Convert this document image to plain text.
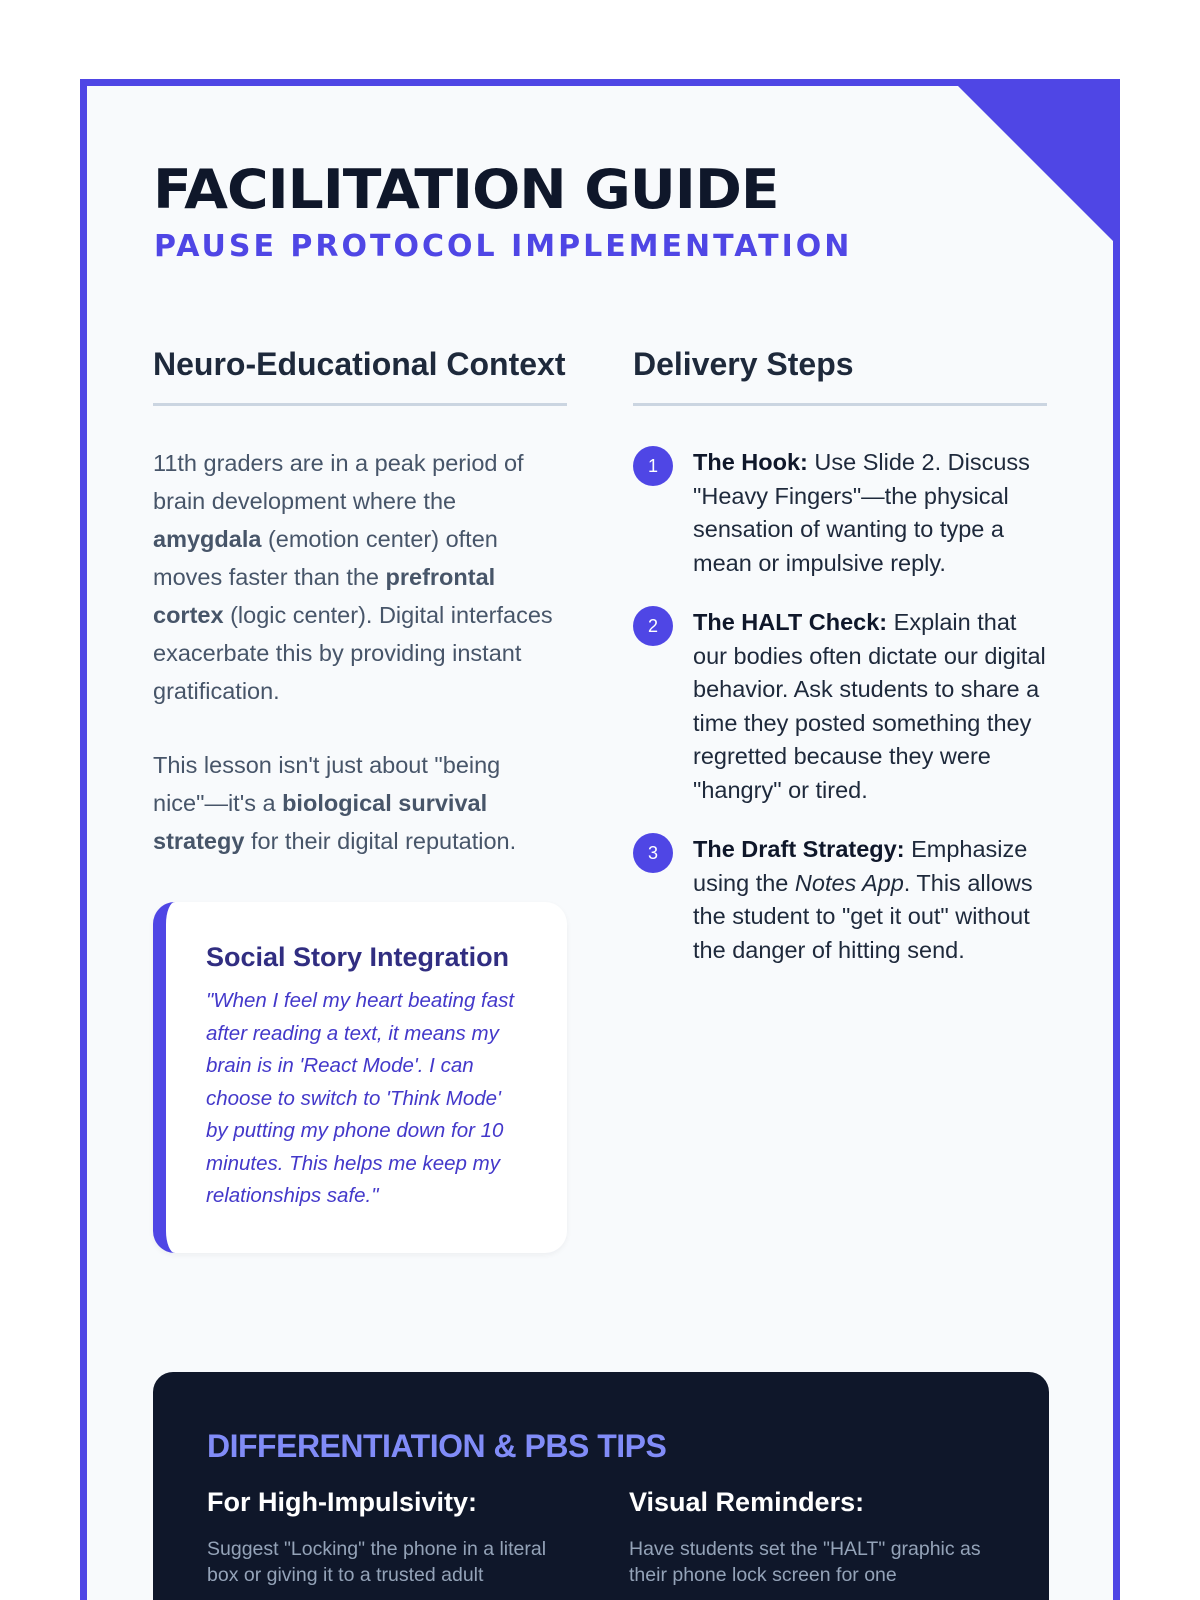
FACILITATION GUIDE
PAUSE PROTOCOL IMPLEMENTATION
Neuro-Educational Context

11th graders are in a peak period of brain development where the amygdala (emotion center) often moves faster than the prefrontal cortex (logic center). Digital interfaces exacerbate this by providing instant gratification.

This lesson isn't just about "being nice"—it's a biological survival strategy for their digital reputation.

Social Story Integration

"When I feel my heart beating fast after reading a text, it means my brain is in 'React Mode'. I can choose to switch to 'Think Mode' by putting my phone down for 10 minutes. This helps me keep my relationships safe."

Delivery Steps
1	The Hook: Use Slide 2. Discuss "Heavy Fingers"—the physical sensation of wanting to type a mean or impulsive reply.
2	The HALT Check: Explain that our bodies often dictate our digital behavior. Ask students to share a time they posted something they regretted because they were "hangry" or tired.
3	The Draft Strategy: Emphasize using the Notes App. This allows the student to "get it out" without the danger of hitting send.
DIFFERENTIATION & PBS TIPS
For High-Impulsivity:

Suggest "Locking" the phone in a literal box or giving it to a trusted adult

Visual Reminders:

Have students set the "HALT" graphic as their phone lock screen for one
